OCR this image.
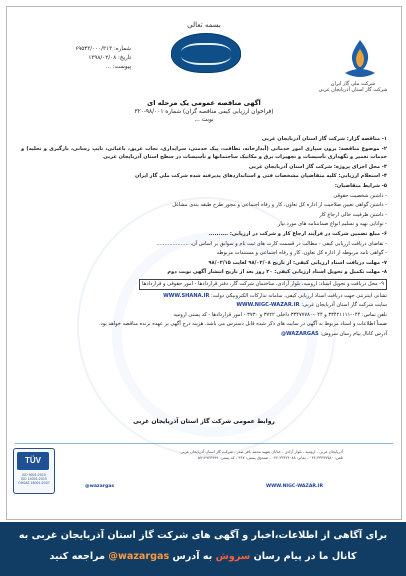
بسمه تعالی
شرکت ملی گاز ایران
شرکت گاز استان آذربایجان غربی
شماره: ۶۹۵۴۳/۰۰۰/۳۱۳
تاریخ: ۱۳۹۸/۰۲/۰۸
پیوست: ...
آگهی مناقصه عمومی یک مرحله ای
(فراخوان ارزیابی کیفی مناقصه گران) شماره ۹۸/۰۰۱-۳۲۰
نوبت ...

۱- مناقصه گزار: شرکت گاز استان آذربایجان غربی

۲- موضوع مناقصه: برون سپاری امور خدماتی (آبدارخانه، نظافت، پیک خدمتی، سرایداری، نجات غریق، باغبانی، تایپ رسانی، بارگیری و تخلیه) و خدمات تعمیر و نگهداری تأسیسات و تجهیزات برق و مکانیک ساختمانها و تأسیسات در سطح استان آذربایجان غربی

۳- محل اجرای پروژه: شرکت گاز استان آذربایجان غربی

۴- استعلام ارزیابی: کلیه متقاضیان مشخصات فنی و استانداردهای پذیرفته شده شرکت ملی گاز ایران

۵- شرایط متقاضیان:

- داشتن شخصیت حقوقی

- داشتن گواهی تعیین صلاحیت از اداره کل تعاون، کار و رفاه اجتماعی و مجوز طرح طبقه بندی مشاغل

- داشتن ظرفیت خالی ارجاع کار

- توانایی تهیه و تسلیم انواع ضمانتنامه های مورد نیاز

۶- مبلغ تضمین شرکت در فرآیند ارجاع کار و شرکت در ارزیابی: ..........

- تقاضای دریافت ارزیابی کیفی - مطالب در قسمت کارت های ثبت نام و سوابق بر اساس آن، ....................

- گواهی نامه مربوطه از اداره کل تعاون، کار و رفاه اجتماعی و مستندات مربوطه

۷- مهلت دریافت اسناد ارزیابی کیفی: از تاریخ ۹۸/۰۲/۰۸ لغایت ۹۸/۰۲/۱۵

۸- مهلت تکمیل و تحویل اسناد ارزیابی کیفی: ۲۰ روز بعد از تاریخ انتشار آگهی نوبت دوم

۹- محل دریافت و تحویل اسناد: ارومیه، بلوار آزادی، ساختمان شرکت گاز، دفتر قراردادها - امور حقوقی و قراردادها

نشانی اینترنتی جهت دریافت اسناد ارزیابی کیفی، سامانه تدارکات الکترونیکی دولت: WWW.SHANA.IR

سایت شرکت گاز استان آذربایجان غربی: WWW.NIGC-WAZAR.IR

تلفن تماس: ۰۴۴-۳۳۴۲۱۱۱۱ و ۰۴۴-۳۳۴۷۷۷۸۰ داخلی ۳۷۲۲ و ۳۷۳۰ - امور قراردادها - کد پستی ارومیه

ضمناً اطلاعات و اسناد مربوط به آگهی در سایت های ذکر شده قابل دسترس می باشد. هزینه درج آگهی بر عهده برنده مناقصه خواهد بود.

آدرس کانال پیام رسان سروش: @WAZARGAS

روابط عمومی شرکت گاز استان آذربایجان غربی
TÜV
ISO 9001:2015
ISO 14001:2015
OHSAS 18001:2007
آذربایجان غربی - ارومیه - بلوار آزادی - خیابان شهید محمد باقر صدر - شرکت گاز استان آذربایجان غربی
تلفن: ۳۳۴۷۷۷۸۰-۰۴۴ - نمابر: ۳۳۴۲۴۰۸۸-۰۴۴ - صندوق پستی: ۳۶۷ - کد پستی: ۵۷۱۴۹۴۳۹۹۹
WWW.NIGC-WAZAR.IR
@wazargas
برای آگاهی از اطلاعات،اخبار و آگهی های شرکت گاز استان آذربایجان غربی به
کانال ما در پیام رسان سروش به آدرس @wazargas مراجعه کنید
